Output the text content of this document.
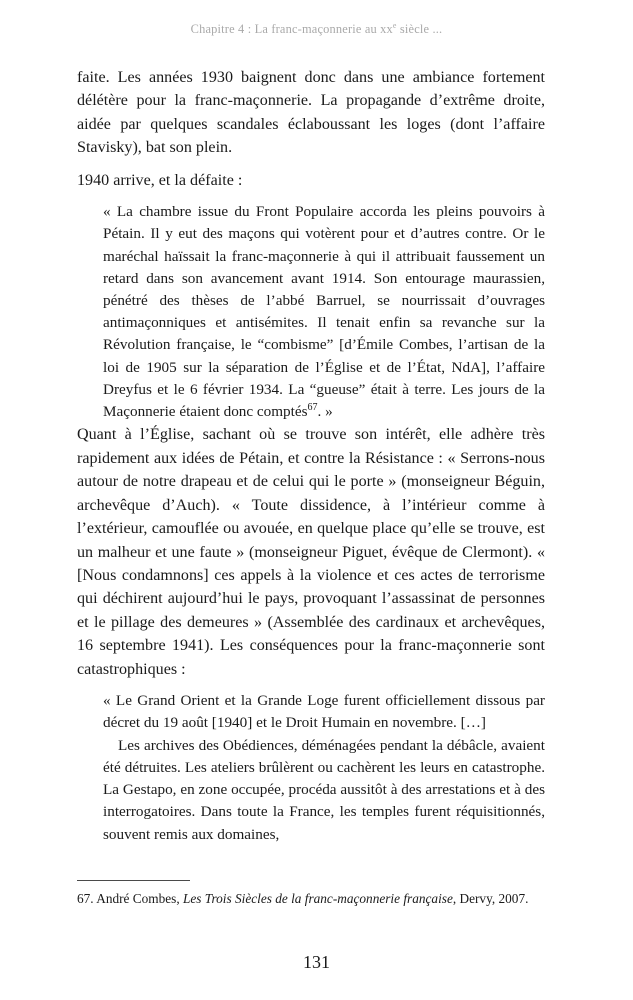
Chapitre 4 : La franc-maçonnerie au $xx^e$ siècle ...

faite. Les années 1930 baignent donc dans une ambiance fortement délétère pour la franc-maçonnerie. La propagande d’extrême droite, aidée par quelques scandales éclaboussant les loges (dont l’affaire Stavisky), bat son plein.

1940 arrive, et la défaite :

« La chambre issue du Front Populaire accorda les pleins pouvoirs à Pétain. Il y eut des maçons qui votèrent pour et d’autres contre. Or le maréchal haïssait la franc-maçonnerie à qui il attribuait faussement un retard dans son avancement avant 1914. Son entourage maurassien, pénétré des thèses de l’abbé Barruel, se nourrissait d’ouvrages antimaçonniques et antisémites. Il tenait enfin sa revanche sur la Révolution française, le “combisme” [d’Émile Combes, l’artisan de la loi de 1905 sur la séparation de l’Église et de l’État, NdA], l’affaire Dreyfus et le 6 février 1934. La “gueuse” était à terre. Les jours de la Maçonnerie étaient donc comptés$^{67}$. »

Quant à l’Église, sachant où se trouve son intérêt, elle adhère très rapidement aux idées de Pétain, et contre la Résistance : « Serrons-nous autour de notre drapeau et de celui qui le porte » (monseigneur Béguin, archevêque d’Auch). « Toute dissidence, à l’intérieur comme à l’extérieur, camouflée ou avouée, en quelque place qu’elle se trouve, est un malheur et une faute » (monseigneur Piguet, évêque de Clermont). « [Nous condamnons] ces appels à la violence et ces actes de terrorisme qui déchirent aujourd’hui le pays, provoquant l’assassinat de personnes et le pillage des demeures » (Assemblée des cardinaux et archevêques, 16 septembre 1941). Les conséquences pour la franc-maçonnerie sont catastrophiques :

« Le Grand Orient et la Grande Loge furent officiellement dissous par décret du 19 août [1940] et le Droit Humain en novembre. […]

Les archives des Obédiences, déménagées pendant la débâcle, avaient été détruites. Les ateliers brûlèrent ou cachèrent les leurs en catastrophe. La Gestapo, en zone occupée, procéda aussitôt à des arrestations et à des interrogatoires. Dans toute la France, les temples furent réquisitionnés, souvent remis aux domaines,

67. André Combes, Les Trois Siècles de la franc-maçonnerie française, Dervy, 2007.

131
